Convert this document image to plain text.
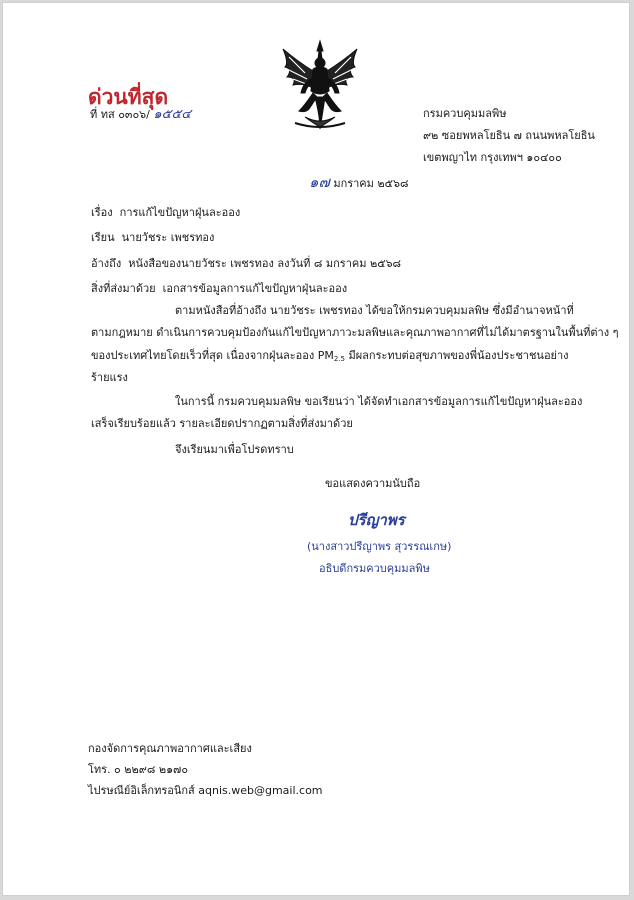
ด่วนที่สุด
ที่ ทส ๐๓๐๖/ ๑๕๕๔	กรมควบคุมมลพิษ
๙๒ ซอยพหลโยธิน ๗ ถนนพหลโยธิน
เขตพญาไท กรุงเทพฯ ๑๐๔๐๐
๑๗ มกราคม ๒๕๖๘
เรื่อง การแก้ไขปัญหาฝุ่นละออง
เรียน นายวัชระ เพชรทอง
อ้างถึง หนังสือของนายวัชระ เพชรทอง ลงวันที่ ๘ มกราคม ๒๕๖๘
สิ่งที่ส่งมาด้วย เอกสารข้อมูลการแก้ไขปัญหาฝุ่นละออง
ตามหนังสือที่อ้างถึง นายวัชระ เพชรทอง ได้ขอให้กรมควบคุมมลพิษ ซึ่งมีอำนาจหน้าที่
ตามกฎหมาย ดำเนินการควบคุมป้องกันแก้ไขปัญหาภาวะมลพิษและคุณภาพอากาศที่ไม่ได้มาตรฐานในพื้นที่ต่าง ๆ
ของประเทศไทยโดยเร็วที่สุด เนื่องจากฝุ่นละออง $PM_{2.5}$ มีผลกระทบต่อสุขภาพของพี่น้องประชาชนอย่าง
ร้ายแรง
ในการนี้ กรมควบคุมมลพิษ ขอเรียนว่า ได้จัดทำเอกสารข้อมูลการแก้ไขปัญหาฝุ่นละออง
เสร็จเรียบร้อยแล้ว รายละเอียดปรากฏตามสิ่งที่ส่งมาด้วย
จึงเรียนมาเพื่อโปรดทราบ
ขอแสดงความนับถือ
ปรีญาพร
(นางสาวปรีญาพร สุวรรณเกษ)
อธิบดีกรมควบคุมมลพิษ
กองจัดการคุณภาพอากาศและเสียง
โทร. ๐ ๒๒๙๘ ๒๑๗๐
ไปรษณีย์อิเล็กทรอนิกส์ aqnis.web@gmail.com
